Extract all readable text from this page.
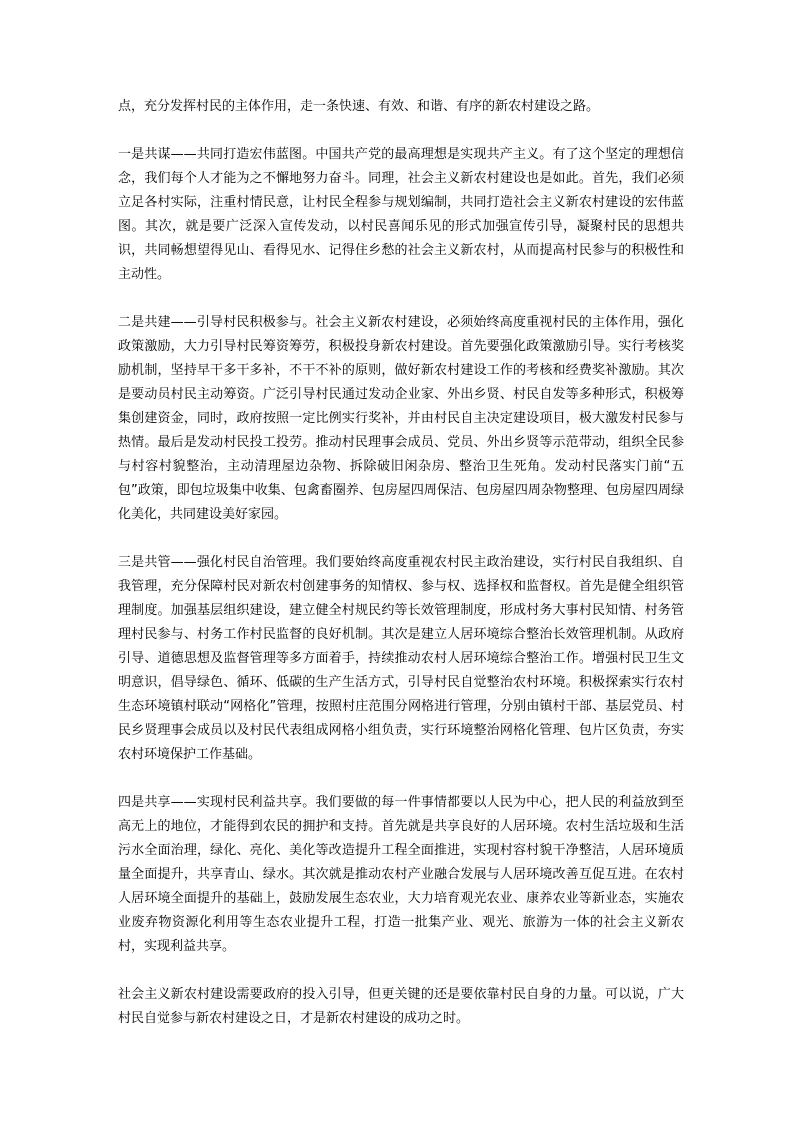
点，充分发挥村民的主体作用，走一条快速、有效、和谐、有序的新农村建设之路。

一是共谋——共同打造宏伟蓝图。中国共产党的最高理想是实现共产主义。有了这个坚定的理想信念，我们每个人才能为之不懈地努力奋斗。同理，社会主义新农村建设也是如此。首先，我们必须立足各村实际，注重村情民意，让村民全程参与规划编制，共同打造社会主义新农村建设的宏伟蓝图。其次，就是要广泛深入宣传发动，以村民喜闻乐见的形式加强宣传引导，凝聚村民的思想共识，共同畅想望得见山、看得见水、记得住乡愁的社会主义新农村，从而提高村民参与的积极性和主动性。

二是共建——引导村民积极参与。社会主义新农村建设，必须始终高度重视村民的主体作用，强化政策激励，大力引导村民筹资筹劳，积极投身新农村建设。首先要强化政策激励引导。实行考核奖励机制，坚持早干多干多补，不干不补的原则，做好新农村建设工作的考核和经费奖补激励。其次是要动员村民主动筹资。广泛引导村民通过发动企业家、外出乡贤、村民自发等多种形式，积极筹集创建资金，同时，政府按照一定比例实行奖补，并由村民自主决定建设项目，极大激发村民参与热情。最后是发动村民投工投劳。推动村民理事会成员、党员、外出乡贤等示范带动，组织全民参与村容村貌整治，主动清理屋边杂物、拆除破旧闲杂房、整治卫生死角。发动村民落实门前“五包”政策，即包垃圾集中收集、包禽畜圈养、包房屋四周保洁、包房屋四周杂物整理、包房屋四周绿化美化，共同建设美好家园。

三是共管——强化村民自治管理。我们要始终高度重视农村民主政治建设，实行村民自我组织、自我管理，充分保障村民对新农村创建事务的知情权、参与权、选择权和监督权。首先是健全组织管理制度。加强基层组织建设，建立健全村规民约等长效管理制度，形成村务大事村民知情、村务管理村民参与、村务工作村民监督的良好机制。其次是建立人居环境综合整治长效管理机制。从政府引导、道德思想及监督管理等多方面着手，持续推动农村人居环境综合整治工作。增强村民卫生文明意识，倡导绿色、循环、低碳的生产生活方式，引导村民自觉整治农村环境。积极探索实行农村生态环境镇村联动“网格化”管理，按照村庄范围分网格进行管理，分别由镇村干部、基层党员、村民乡贤理事会成员以及村民代表组成网格小组负责，实行环境整治网格化管理、包片区负责，夯实农村环境保护工作基础。

四是共享——实现村民利益共享。我们要做的每一件事情都要以人民为中心，把人民的利益放到至高无上的地位，才能得到农民的拥护和支持。首先就是共享良好的人居环境。农村生活垃圾和生活污水全面治理，绿化、亮化、美化等改造提升工程全面推进，实现村容村貌干净整洁，人居环境质量全面提升，共享青山、绿水。其次就是推动农村产业融合发展与人居环境改善互促互进。在农村人居环境全面提升的基础上，鼓励发展生态农业，大力培育观光农业、康养农业等新业态，实施农业废弃物资源化利用等生态农业提升工程，打造一批集产业、观光、旅游为一体的社会主义新农村，实现利益共享。

社会主义新农村建设需要政府的投入引导，但更关键的还是要依靠村民自身的力量。可以说，广大村民自觉参与新农村建设之日，才是新农村建设的成功之时。
